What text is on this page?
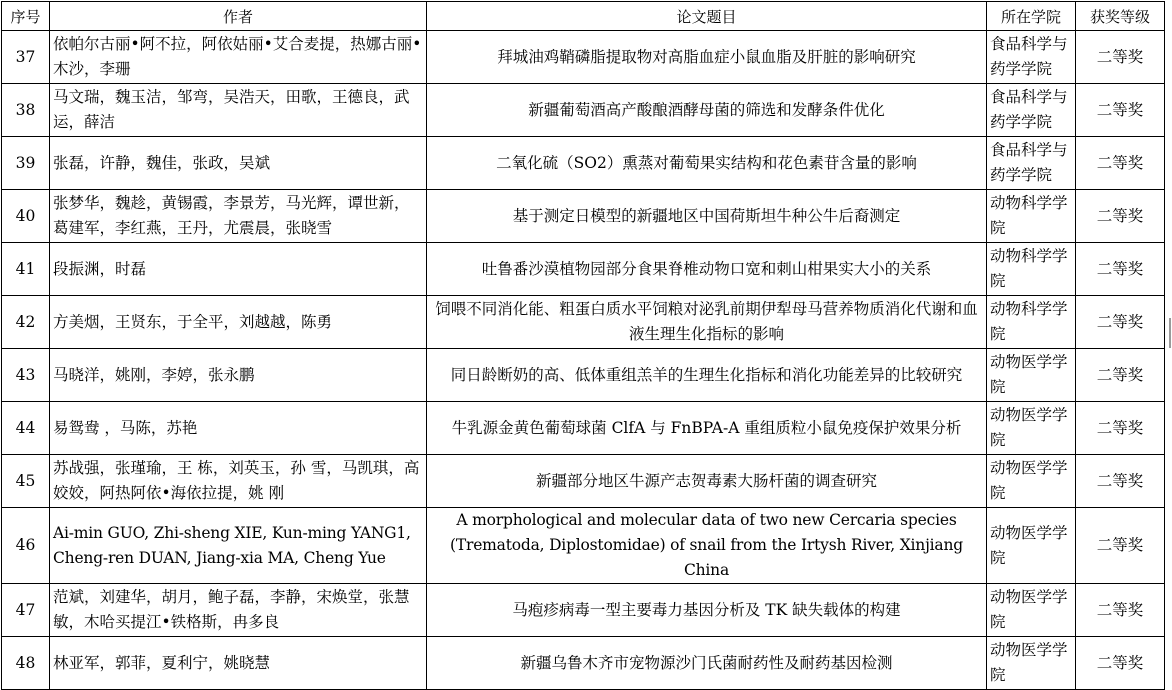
序号	作者	论文题目	所在学院	获奖等级
37	依帕尔古丽•阿不拉，阿依姑丽•艾合麦提，热娜古丽•木沙，李珊	拜城油鸡鞘磷脂提取物对高脂血症小鼠血脂及肝脏的影响研究	食品科学与药学学院	二等奖
38	马文瑞，魏玉洁，邹弯，吴浩天，田歌，王德良，武运，薛洁	新疆葡萄酒高产酸酿酒酵母菌的筛选和发酵条件优化	食品科学与药学学院	二等奖
39	张磊，许静，魏佳，张政，吴斌	二氧化硫（SO2）熏蒸对葡萄果实结构和花色素苷含量的影响	食品科学与药学学院	二等奖
40	张梦华，魏趁，黄锡霞，李景芳，马光辉，谭世新，葛建军，李红燕，王丹，尤震晨，张晓雪	基于测定日模型的新疆地区中国荷斯坦牛种公牛后裔测定	动物科学学院	二等奖
41	段振渊，时磊	吐鲁番沙漠植物园部分食果脊椎动物口宽和刺山柑果实大小的关系	动物科学学院	二等奖
42	方美烟，王贤东，于全平，刘越越，陈勇	饲喂不同消化能、粗蛋白质水平饲粮对泌乳前期伊犁母马营养物质消化代谢和血液生理生化指标的影响	动物科学学院	二等奖
43	马晓洋，姚刚，李婷，张永鹏	同日龄断奶的高、低体重组羔羊的生理生化指标和消化功能差异的比较研究	动物医学学院	二等奖
44	易鸳鸯 ，马陈，苏艳	牛乳源金黄色葡萄球菌 ClfA 与 FnBPA-A 重组质粒小鼠免疫保护效果分析	动物医学学院	二等奖
45	苏战强，张瑾瑜，王 栋，刘英玉，孙 雪，马凯琪，高姣姣，阿热阿依•海依拉提，姚 刚	新疆部分地区牛源产志贺毒素大肠杆菌的调查研究	动物医学学院	二等奖
46	Ai-min GUO, Zhi-sheng XIE, Kun-ming YANG1, Cheng-ren DUAN, Jiang-xia MA, Cheng Yue	A morphological and molecular data of two new Cercaria species (Trematoda, Diplostomidae) of snail from the Irtysh River, Xinjiang China	动物医学学院	二等奖
47	范斌，刘建华，胡月，鲍子磊，李静，宋焕堂，张慧敏，木哈买提江•铁格斯，冉多良	马疱疹病毒一型主要毒力基因分析及 TK 缺失载体的构建	动物医学学院	二等奖
48	林亚军，郭菲，夏利宁，姚晓慧	新疆乌鲁木齐市宠物源沙门氏菌耐药性及耐药基因检测	动物医学学院	二等奖
